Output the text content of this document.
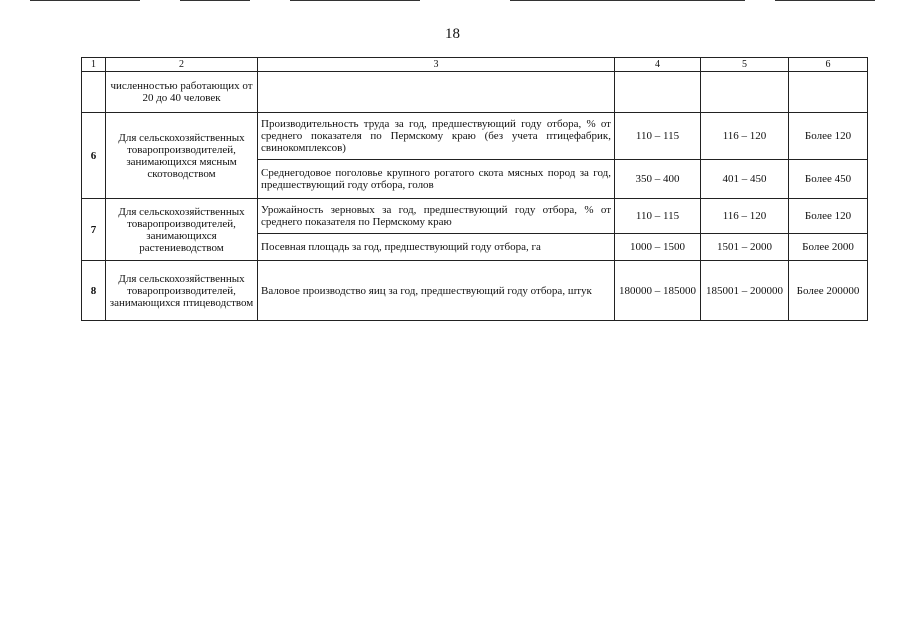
18
1	2	3	4	5	6
	численностью работающих от 20 до 40 человек				
6	Для сельскохозяйственных товаропроизводителей, занимающихся мясным скотоводством	Производительность труда за год, предшествующий году отбора, % от среднего показателя по Пермскому краю (без учета птицефабрик, свинокомплексов)	110 – 115	116 – 120	Более 120
		Среднегодовое поголовье крупного рогатого скота мясных пород за год, предшествующий году отбора, голов	350 – 400	401 – 450	Более 450
7	Для сельскохозяйственных товаропроизводителей, занимающихся растениеводством	Урожайность зерновых за год, предшествующий году отбора, % от среднего показателя по Пермскому краю	110 – 115	116 – 120	Более 120
		Посевная площадь за год, предшествующий году отбора, га	1000 – 1500	1501 – 2000	Более 2000
8	Для сельскохозяйственных товаропроизводителей, занимающихся птицеводством	Валовое производство яиц за год, предшествующий году отбора, штук	180000 – 185000	185001 – 200000	Более 200000
